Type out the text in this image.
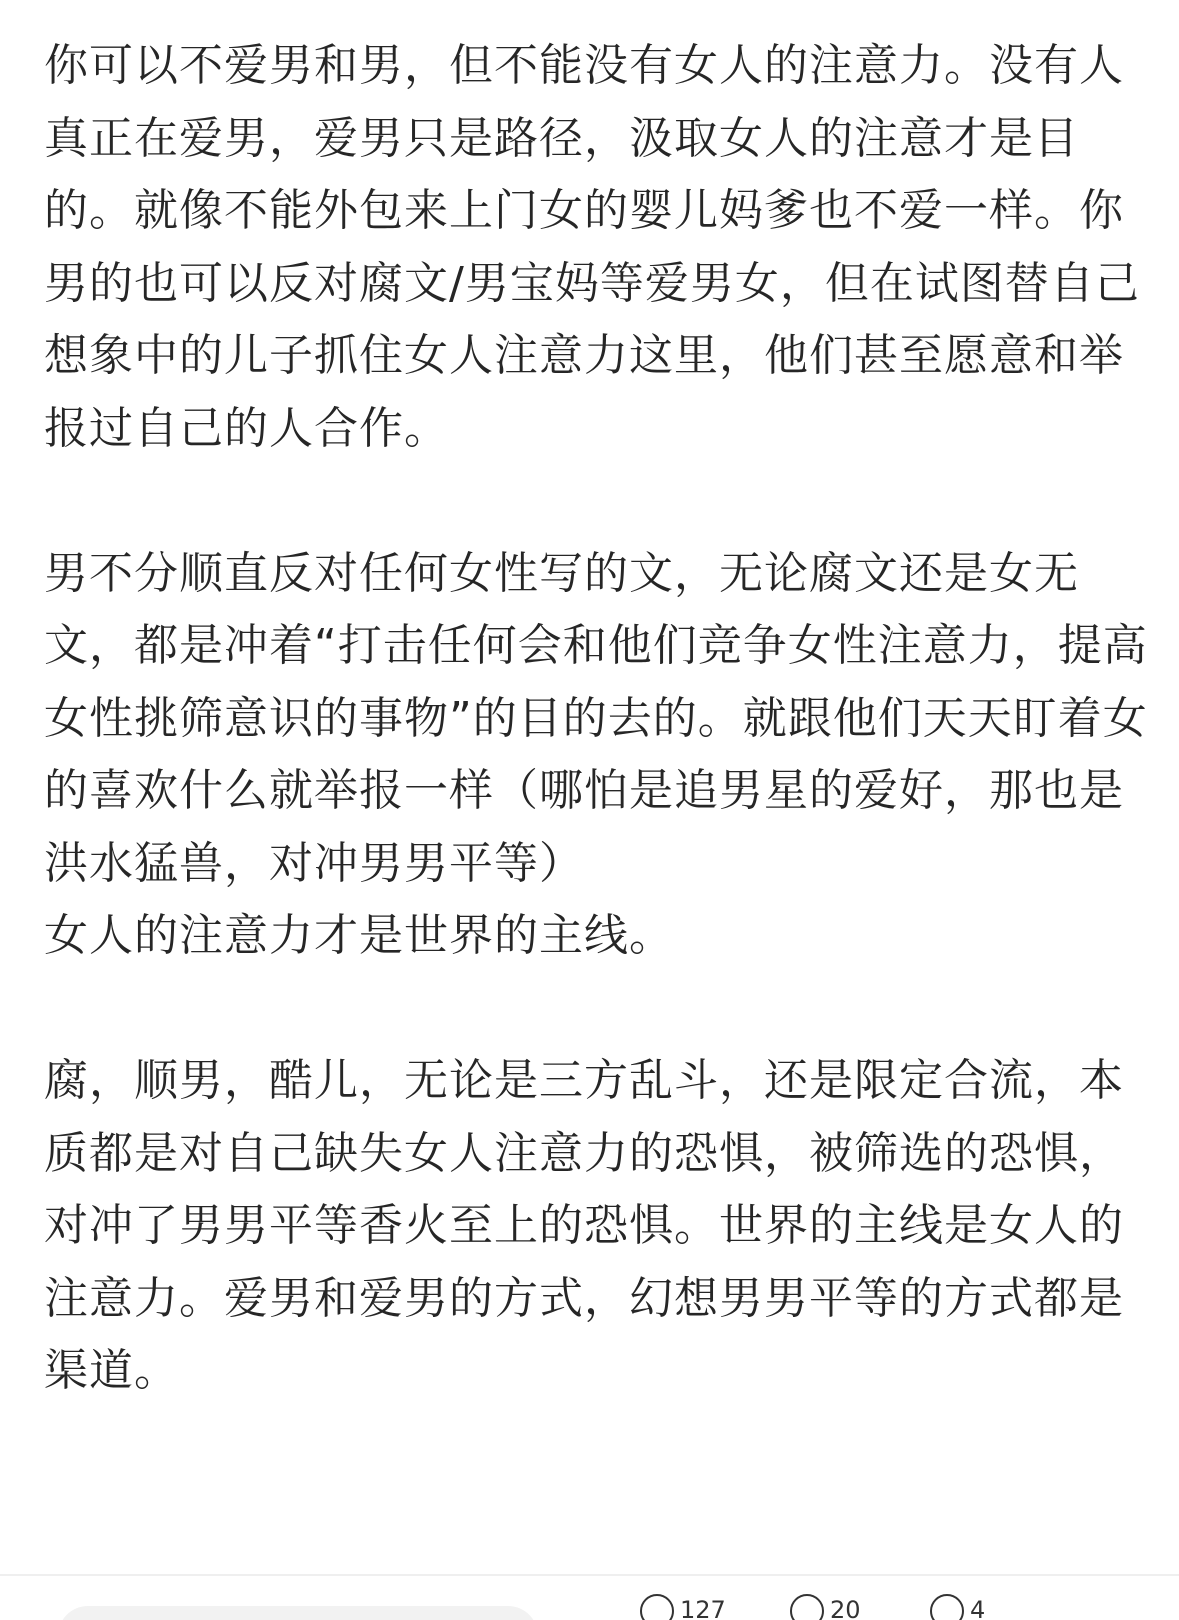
你可以不爱男和男，但不能没有女人的注意力。没有人真正在爱男，爱男只是路径，汲取女人的注意才是目的。就像不能外包来上门女的婴儿妈爹也不爱一样。你男的也可以反对腐文/男宝妈等爱男女，但在试图替自己想象中的儿子抓住女人注意力这里，他们甚至愿意和举报过自己的人合作。

男不分顺直反对任何女性写的文，无论腐文还是女无文，都是冲着“打击任何会和他们竞争女性注意力，提高女性挑筛意识的事物”的目的去的。就跟他们天天盯着女的喜欢什么就举报一样（哪怕是追男星的爱好，那也是洪水猛兽，对冲男男平等）

女人的注意力才是世界的主线。

腐，顺男，酷儿，无论是三方乱斗，还是限定合流，本质都是对自己缺失女人注意力的恐惧，被筛选的恐惧，对冲了男男平等香火至上的恐惧。世界的主线是女人的注意力。爱男和爱男的方式，幻想男男平等的方式都是渠道。

127	20	4
